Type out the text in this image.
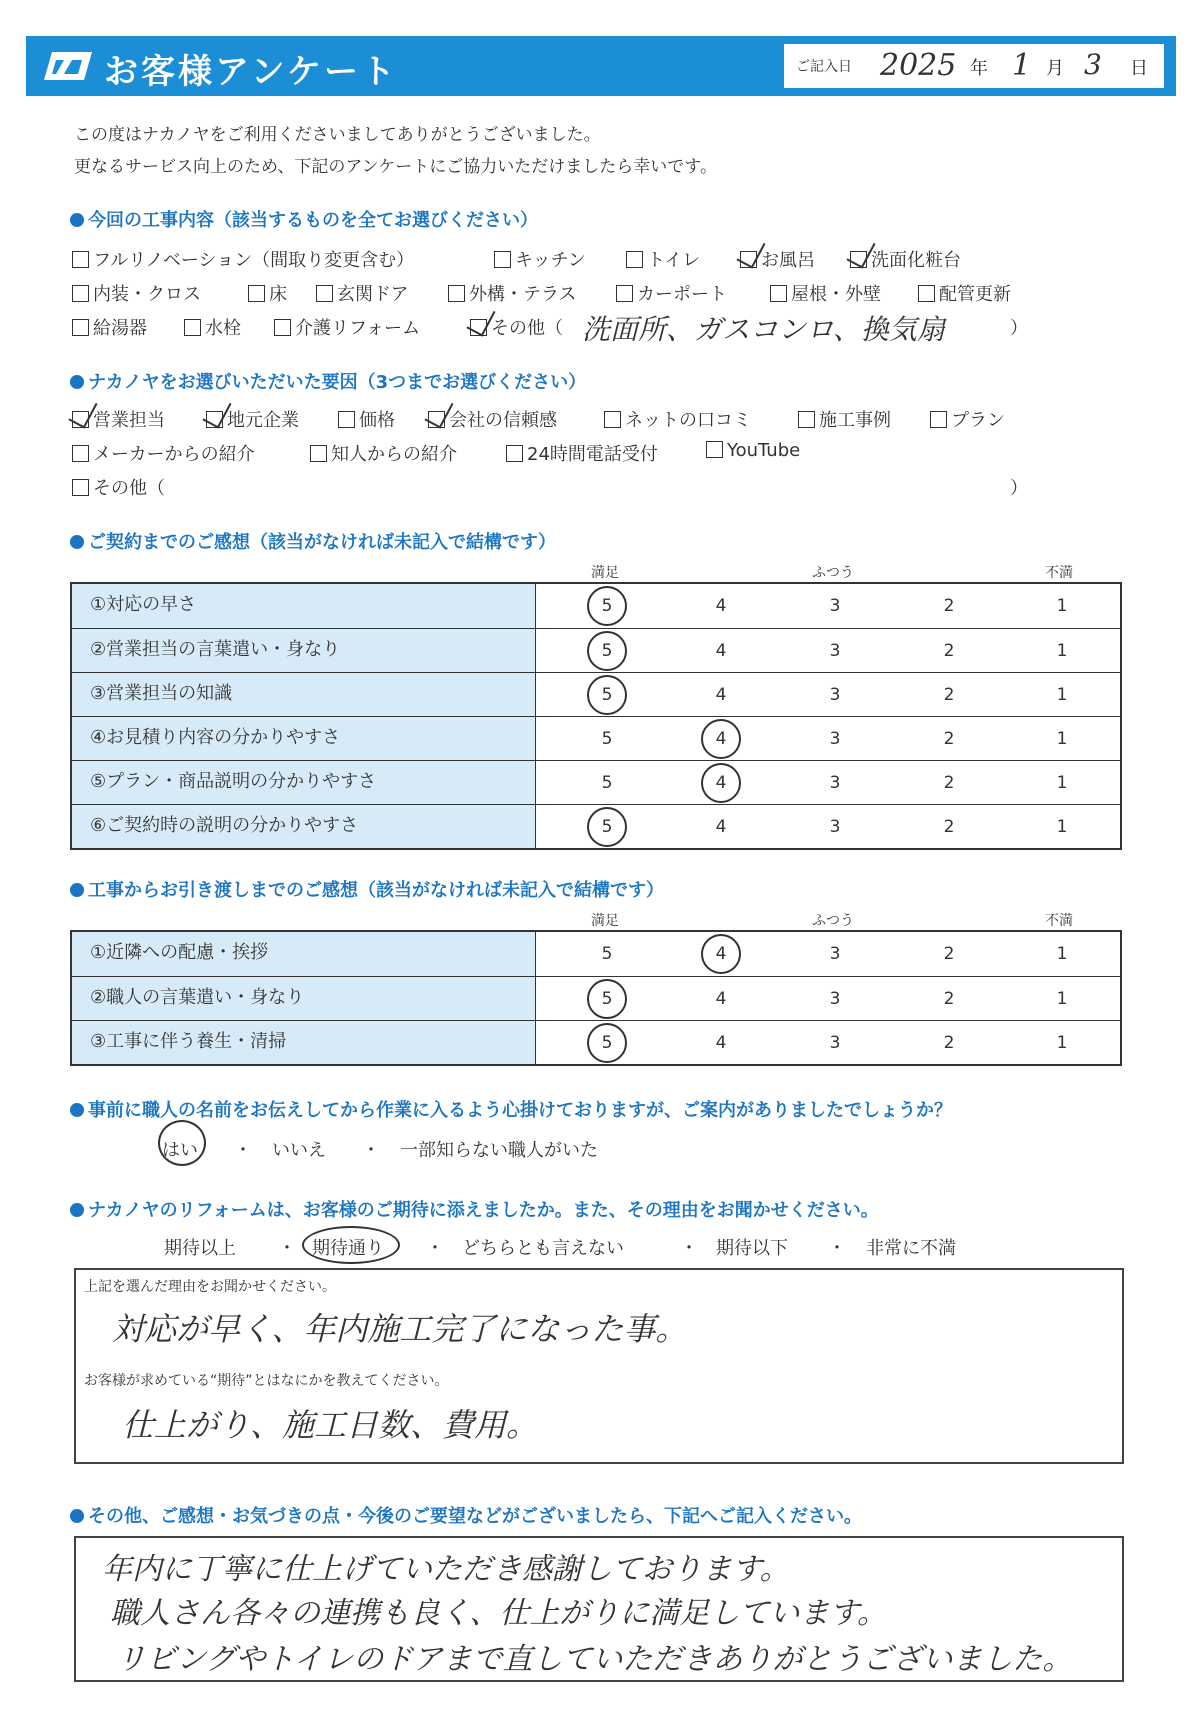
お客様アンケート	ご記入日 2025 年 1 月 3 日
この度はナカノヤをご利用くださいましてありがとうございました。
更なるサービス向上のため、下記のアンケートにご協力いただけましたら幸いです。
今回の工事内容（該当するものを全てお選びください）
フルリノベーション（間取り変更含む）	キッチン	トイレ	お風呂	洗面化粧台
内装・クロス	床	玄関ドア	外構・テラス	カーポート	屋根・外壁	配管更新
給湯器	水栓	介護リフォーム	その他（ 洗面所、ガスコンロ、換気扇	）
ナカノヤをお選びいただいた要因（3つまでお選びください）
営業担当	地元企業	価格	会社の信頼感	ネットの口コミ	施工事例	プラン
メーカーからの紹介	知人からの紹介	24時間電話受付	YouTube
その他（	）
ご契約までのご感想（該当がなければ未記入で結構です）
満足	ふつう	不満
①対応の早さ	5	4	3	2	1
②営業担当の言葉遣い・身なり	5	4	3	2	1
③営業担当の知識	5	4	3	2	1
④お見積り内容の分かりやすさ	5	4	3	2	1
⑤プラン・商品説明の分かりやすさ	5	4	3	2	1
⑥ご契約時の説明の分かりやすさ	5	4	3	2	1
工事からお引き渡しまでのご感想（該当がなければ未記入で結構です）
満足	ふつう	不満
①近隣への配慮・挨拶	5	4	3	2	1
②職人の言葉遣い・身なり	5	4	3	2	1
③工事に伴う養生・清掃	5	4	3	2	1
事前に職人の名前をお伝えしてから作業に入るよう心掛けておりますが、ご案内がありましたでしょうか？
はい ・ いいえ ・ 一部知らない職人がいた
ナカノヤのリフォームは、お客様のご期待に添えましたか。また、その理由をお聞かせください。
期待以上 ・ 期待通り ・ どちらとも言えない	・ 期待以下 ・ 非常に不満
上記を選んだ理由をお聞かせください。
対応が早く、年内施工完了になった事。
お客様が求めている“期待”とはなにかを教えてください。
仕上がり、施工日数、費用。
その他、ご感想・お気づきの点・今後のご要望などがございましたら、下記へご記入ください。
年内に丁寧に仕上げていただき感謝しております。
職人さん各々の連携も良く、仕上がりに満足しています。
リビングやトイレのドアまで直していただきありがとうございました。
